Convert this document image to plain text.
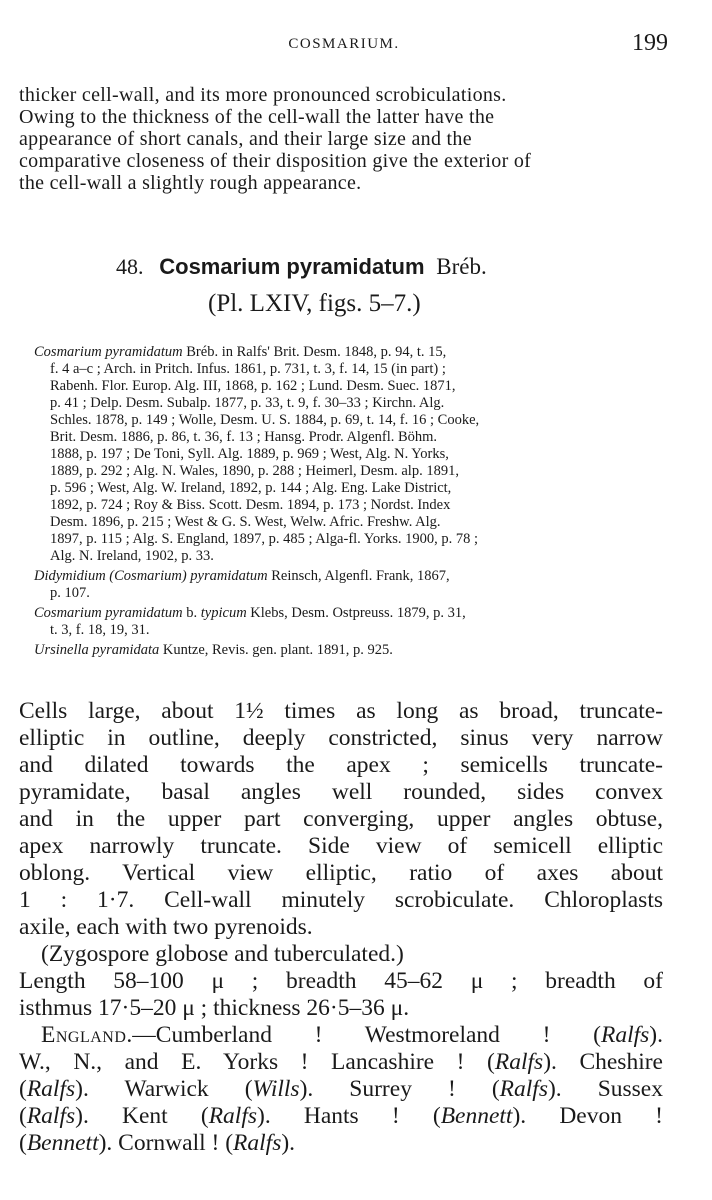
COSMARIUM.	199
thicker cell-wall, and its more pronounced scrobiculations.
Owing to the thickness of the cell-wall the latter have the
appearance of short canals, and their large size and the
comparative closeness of their disposition give the exterior of
the cell-wall a slightly rough appearance.
48. Cosmarium pyramidatum Bréb.
(Pl. LXIV, figs. 5–7.)
Cosmarium pyramidatum Bréb. in Ralfs' Brit. Desm. 1848, p. 94, t. 15,
f. 4 a–c ; Arch. in Pritch. Infus. 1861, p. 731, t. 3, f. 14, 15 (in part) ;
Rabenh. Flor. Europ. Alg. III, 1868, p. 162 ; Lund. Desm. Suec. 1871,
p. 41 ; Delp. Desm. Subalp. 1877, p. 33, t. 9, f. 30–33 ; Kirchn. Alg.
Schles. 1878, p. 149 ; Wolle, Desm. U. S. 1884, p. 69, t. 14, f. 16 ; Cooke,
Brit. Desm. 1886, p. 86, t. 36, f. 13 ; Hansg. Prodr. Algenfl. Böhm.
1888, p. 197 ; De Toni, Syll. Alg. 1889, p. 969 ; West, Alg. N. Yorks,
1889, p. 292 ; Alg. N. Wales, 1890, p. 288 ; Heimerl, Desm. alp. 1891,
p. 596 ; West, Alg. W. Ireland, 1892, p. 144 ; Alg. Eng. Lake District,
1892, p. 724 ; Roy & Biss. Scott. Desm. 1894, p. 173 ; Nordst. Index
Desm. 1896, p. 215 ; West & G. S. West, Welw. Afric. Freshw. Alg.
1897, p. 115 ; Alg. S. England, 1897, p. 485 ; Alga-fl. Yorks. 1900, p. 78 ;
Alg. N. Ireland, 1902, p. 33.
Didymidium (Cosmarium) pyramidatum Reinsch, Algenfl. Frank, 1867,
p. 107.
Cosmarium pyramidatum b. typicum Klebs, Desm. Ostpreuss. 1879, p. 31,
t. 3, f. 18, 19, 31.
Ursinella pyramidata Kuntze, Revis. gen. plant. 1891, p. 925.
Cells large, about 1½ times as long as broad, truncate-
elliptic in outline, deeply constricted, sinus very narrow
and dilated towards the apex ; semicells truncate-
pyramidate, basal angles well rounded, sides convex
and in the upper part converging, upper angles obtuse,
apex narrowly truncate. Side view of semicell elliptic
oblong. Vertical view elliptic, ratio of axes about
1 : 1·7. Cell-wall minutely scrobiculate. Chloroplasts
axile, each with two pyrenoids.
(Zygospore globose and tuberculated.)
Length 58–100 μ ; breadth 45–62 μ ; breadth of
isthmus 17·5–20 μ ; thickness 26·5–36 μ.
England.—Cumberland ! Westmoreland ! (Ralfs).
W., N., and E. Yorks ! Lancashire ! (Ralfs). Cheshire
(Ralfs). Warwick (Wills). Surrey ! (Ralfs). Sussex
(Ralfs). Kent (Ralfs). Hants ! (Bennett). Devon !
(Bennett). Cornwall ! (Ralfs).
